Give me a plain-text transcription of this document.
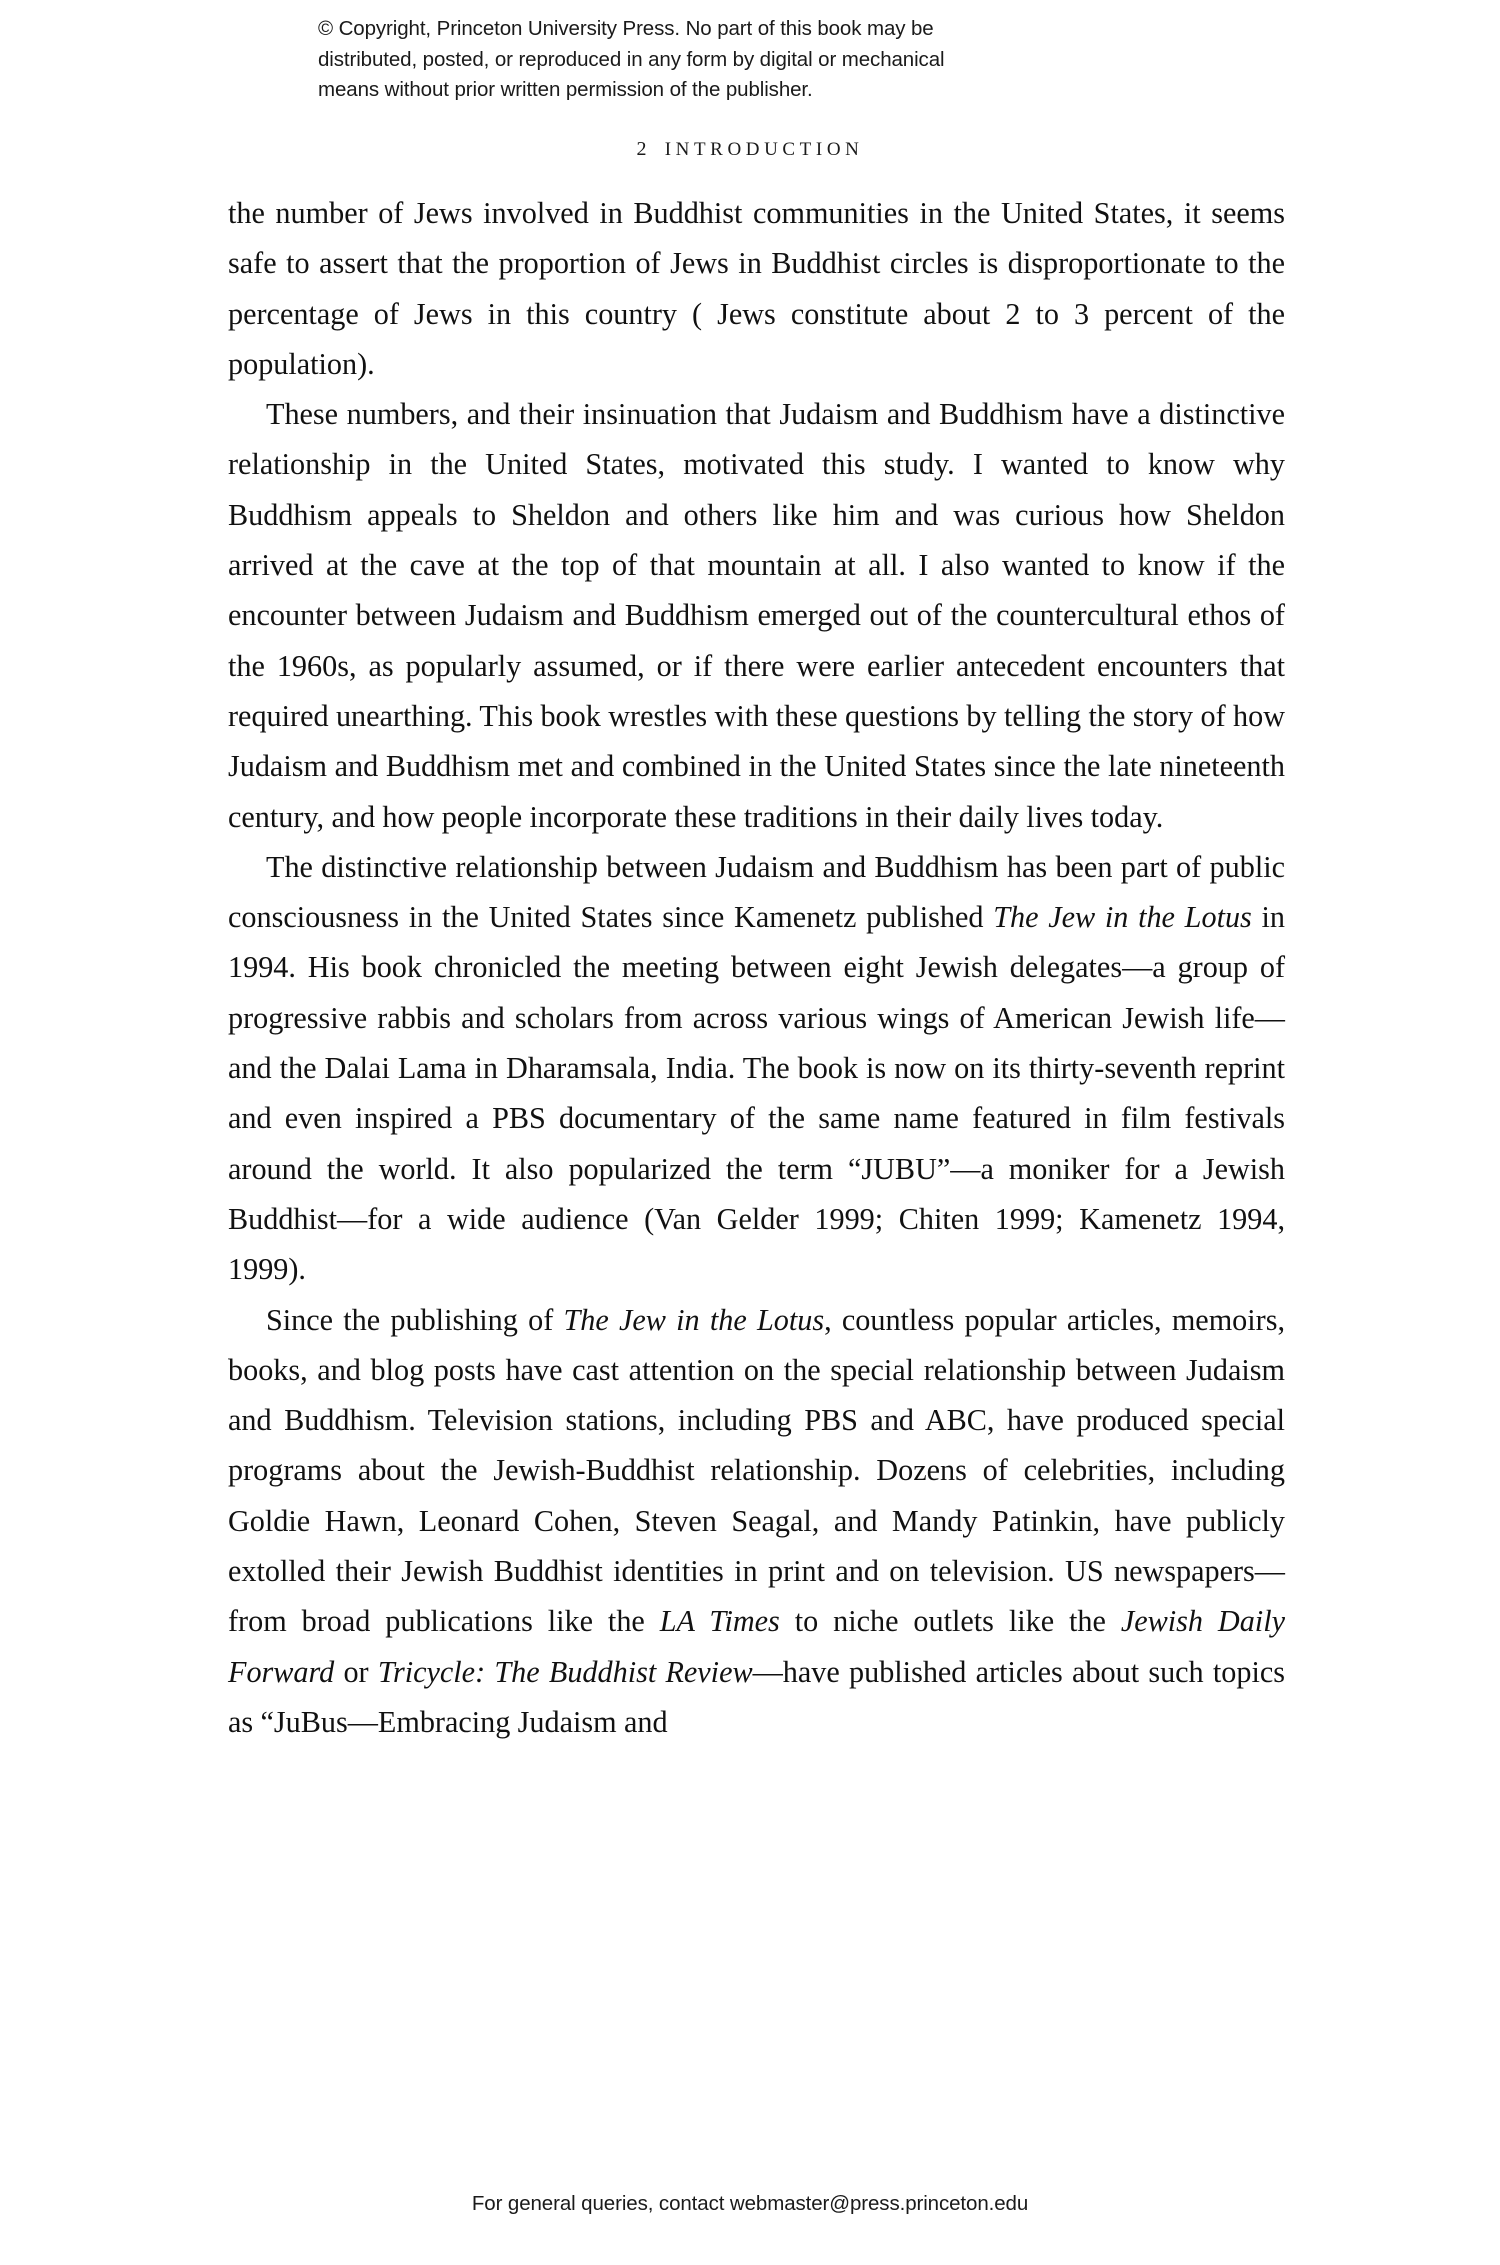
© Copyright, Princeton University Press. No part of this book may be
distributed, posted, or reproduced in any form by digital or mechanical
means without prior written permission of the publisher.
2 INTRODUCTION

the number of Jews involved in Buddhist communities in the United States, it seems safe to assert that the proportion of Jews in Buddhist circles is disproportionate to the percentage of Jews in this country ( Jews constitute about 2 to 3 percent of the population).

These numbers, and their insinuation that Judaism and Buddhism have a distinctive relationship in the United States, motivated this study. I wanted to know why Buddhism appeals to Sheldon and others like him and was curious how Sheldon arrived at the cave at the top of that mountain at all. I also wanted to know if the encounter between Judaism and Buddhism emerged out of the countercultural ethos of the 1960s, as popularly assumed, or if there were earlier antecedent encounters that required unearthing. This book wrestles with these questions by telling the story of how Judaism and Buddhism met and combined in the United States since the late nineteenth century, and how people incorporate these traditions in their daily lives today.

The distinctive relationship between Judaism and Buddhism has been part of public consciousness in the United States since Kamenetz published The Jew in the Lotus in 1994. His book chronicled the meeting between eight Jewish delegates—a group of progressive rabbis and scholars from across various wings of American Jewish life—and the Dalai Lama in Dharamsala, India. The book is now on its thirty-seventh reprint and even inspired a PBS documentary of the same name featured in film festivals around the world. It also popularized the term “JUBU”—a moniker for a Jewish Buddhist—for a wide audience (Van Gelder 1999; Chiten 1999; Kamenetz 1994, 1999).

Since the publishing of The Jew in the Lotus, countless popular articles, memoirs, books, and blog posts have cast attention on the special relationship between Judaism and Buddhism. Television stations, including PBS and ABC, have produced special programs about the Jewish-Buddhist relationship. Dozens of celebrities, including Goldie Hawn, Leonard Cohen, Steven Seagal, and Mandy Patinkin, have publicly extolled their Jewish Buddhist identities in print and on television. US newspapers—from broad publications like the LA Times to niche outlets like the Jewish Daily Forward or Tricycle: The Buddhist Review—have published articles about such topics as “JuBus—Embracing Judaism and

For general queries, contact webmaster@press.princeton.edu
